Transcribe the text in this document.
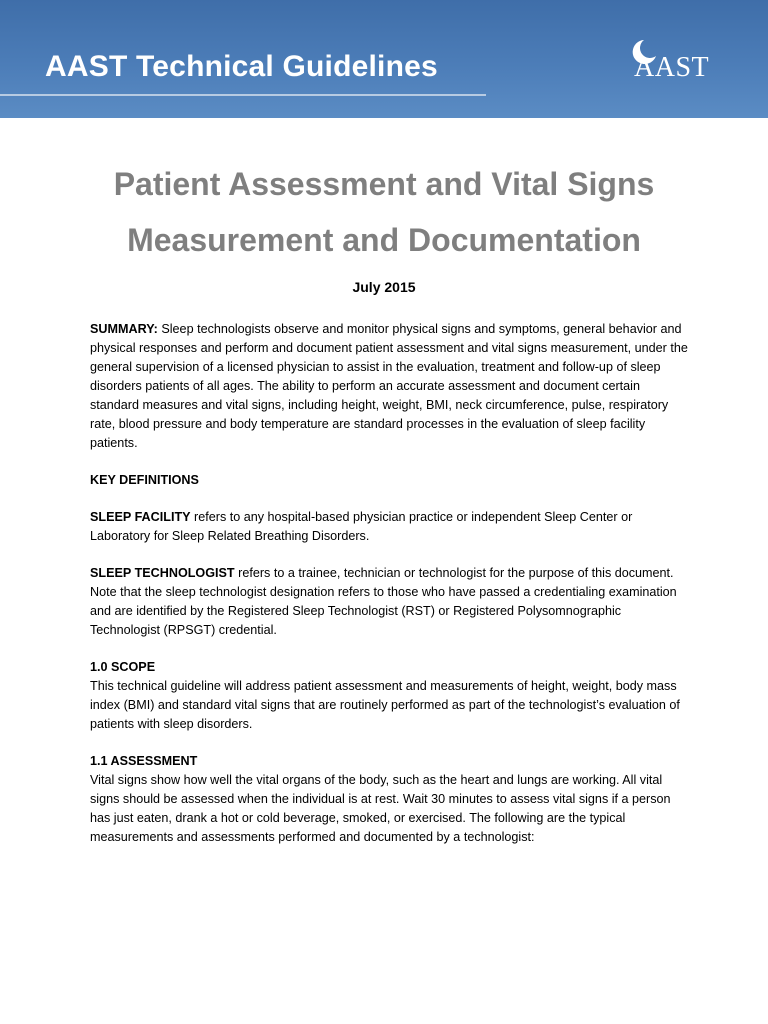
AAST Technical Guidelines	AAST
Patient Assessment and Vital Signs
Measurement and Documentation
July 2015

SUMMARY: Sleep technologists observe and monitor physical signs and symptoms, general behavior and physical responses and perform and document patient assessment and vital signs measurement, under the general supervision of a licensed physician to assist in the evaluation, treatment and follow-up of sleep disorders patients of all ages. The ability to perform an accurate assessment and document certain standard measures and vital signs, including height, weight, BMI, neck circumference, pulse, respiratory rate, blood pressure and body temperature are standard processes in the evaluation of sleep facility patients.

KEY DEFINITIONS

SLEEP FACILITY refers to any hospital-based physician practice or independent Sleep Center or Laboratory for Sleep Related Breathing Disorders.

SLEEP TECHNOLOGIST refers to a trainee, technician or technologist for the purpose of this document. Note that the sleep technologist designation refers to those who have passed a credentialing examination and are identified by the Registered Sleep Technologist (RST) or Registered Polysomnographic Technologist (RPSGT) credential.

1.0 SCOPE
This technical guideline will address patient assessment and measurements of height, weight, body mass index (BMI) and standard vital signs that are routinely performed as part of the technologist’s evaluation of patients with sleep disorders.

1.1 ASSESSMENT
Vital signs show how well the vital organs of the body, such as the heart and lungs are working. All vital signs should be assessed when the individual is at rest. Wait 30 minutes to assess vital signs if a person has just eaten, drank a hot or cold beverage, smoked, or exercised. The following are the typical measurements and assessments performed and documented by a technologist:
